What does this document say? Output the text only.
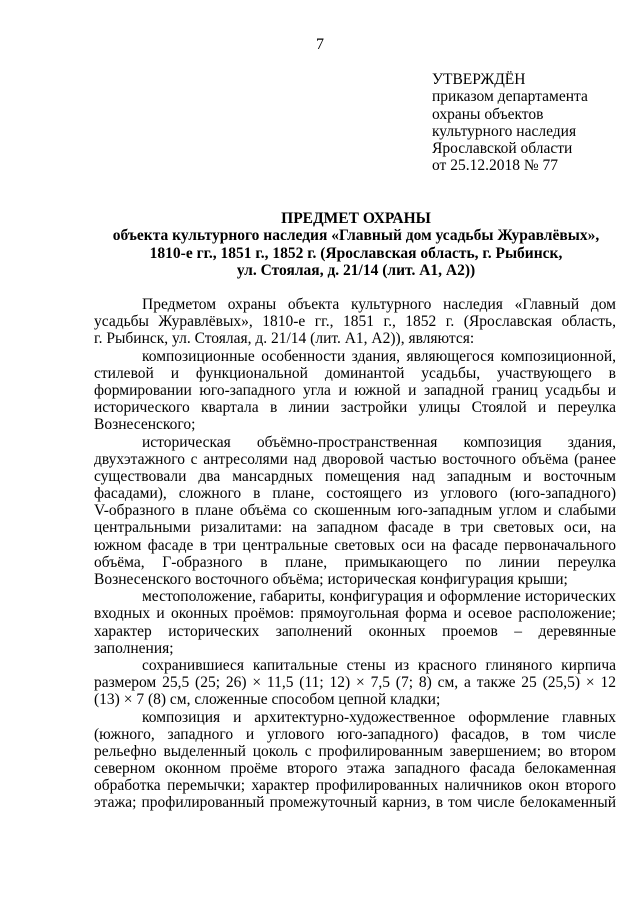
7
УТВЕРЖДЁН
приказом департамента
охраны объектов
культурного наследия
Ярославской области
от 25.12.2018 № 77
ПРЕДМЕТ ОХРАНЫ
объекта культурного наследия «Главный дом усадьбы Журавлёвых»,
1810-е гг., 1851 г., 1852 г. (Ярославская область, г. Рыбинск,
ул. Стоялая, д. 21/14 (лит. А1, А2))
Предметом охраны объекта культурного наследия «Главный дом
усадьбы Журавлёвых», 1810-е гг., 1851 г., 1852 г. (Ярославская область,
г. Рыбинск, ул. Стоялая, д. 21/14 (лит. А1, А2)), являются:
композиционные особенности здания, являющегося композиционной,
стилевой и функциональной доминантой усадьбы, участвующего в
формировании юго-западного угла и южной и западной границ усадьбы и
исторического квартала в линии застройки улицы Стоялой и переулка
Вознесенского;
историческая объёмно-пространственная композиция здания,
двухэтажного с антресолями над дворовой частью восточного объёма (ранее
существовали два мансардных помещения над западным и восточным
фасадами), сложного в плане, состоящего из углового (юго-западного)
V-образного в плане объёма со скошенным юго-западным углом и слабыми
центральными ризалитами: на западном фасаде в три световых оси, на
южном фасаде в три центральные световых оси на фасаде первоначального
объёма, Г-образного в плане, примыкающего по линии переулка
Вознесенского восточного объёма; историческая конфигурация крыши;
местоположение, габариты, конфигурация и оформление исторических
входных и оконных проёмов: прямоугольная форма и осевое расположение;
характер исторических заполнений оконных проемов – деревянные
заполнения;
сохранившиеся капитальные стены из красного глиняного кирпича
размером 25,5 (25; 26) × 11,5 (11; 12) × 7,5 (7; 8) см, а также 25 (25,5) × 12
(13) × 7 (8) см, сложенные способом цепной кладки;
композиция и архитектурно-художественное оформление главных
(южного, западного и углового юго-западного) фасадов, в том числе
рельефно выделенный цоколь с профилированным завершением; во втором
северном оконном проёме второго этажа западного фасада белокаменная
обработка перемычки; характер профилированных наличников окон второго
этажа; профилированный промежуточный карниз, в том числе белокаменный
